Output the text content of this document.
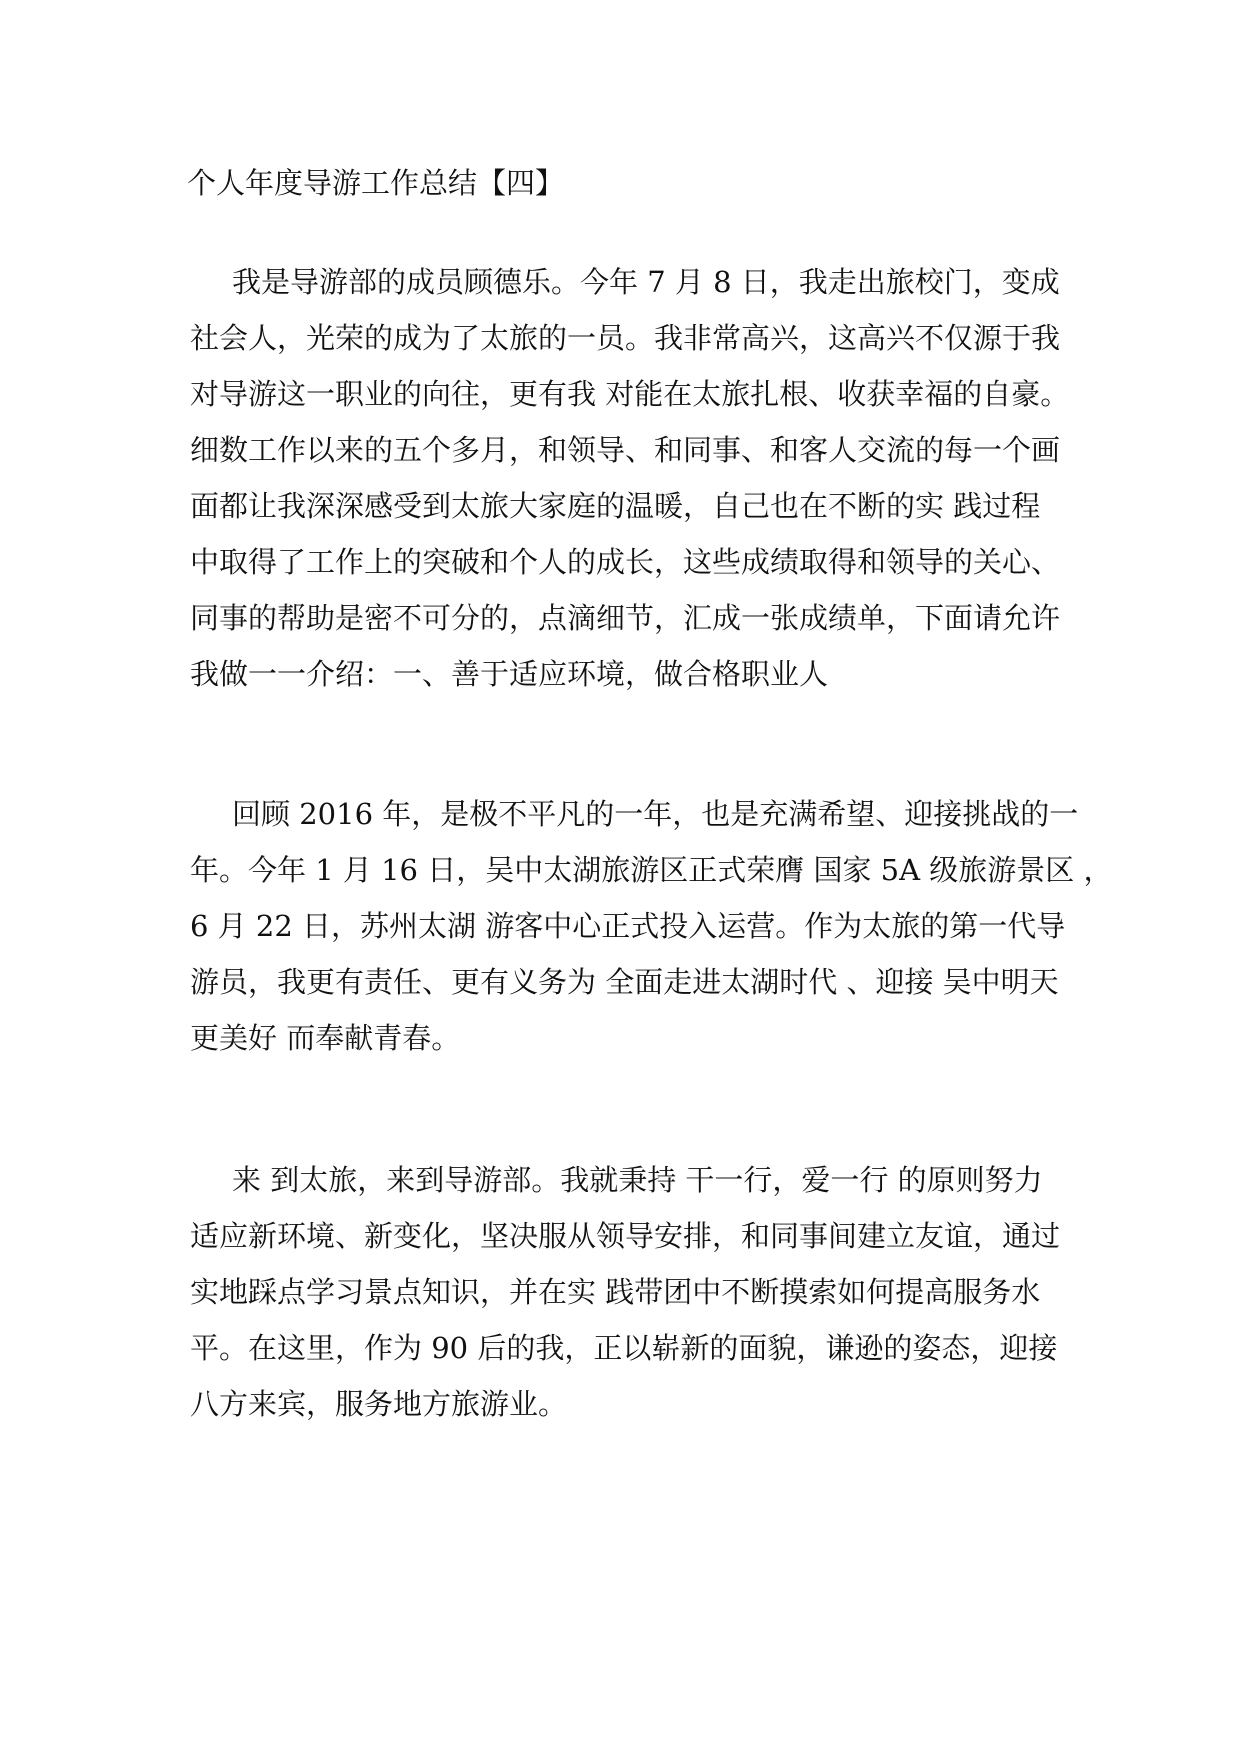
个人年度导游工作总结【四】
我是导游部的成员顾德乐。今年 7 月 8 日，我走出旅校门，变成
社会人，光荣的成为了太旅的一员。我非常高兴，这高兴不仅源于我
对导游这一职业的向往，更有我 对能在太旅扎根、收获幸福的自豪。
细数工作以来的五个多月，和领导、和同事、和客人交流的每一个画
面都让我深深感受到太旅大家庭的温暖，自己也在不断的实 践过程
中取得了工作上的突破和个人的成长，这些成绩取得和领导的关心、
同事的帮助是密不可分的，点滴细节，汇成一张成绩单，下面请允许
我做一一介绍：一、善于适应环境，做合格职业人
回顾 2016 年，是极不平凡的一年，也是充满希望、迎接挑战的一
年。今年 1 月 16 日，吴中太湖旅游区正式荣膺 国家 5A 级旅游景区 ，
6 月 22 日，苏州太湖 游客中心正式投入运营。作为太旅的第一代导
游员，我更有责任、更有义务为 全面走进太湖时代 、迎接 吴中明天
更美好 而奉献青春。
来 到太旅，来到导游部。我就秉持 干一行，爱一行 的原则努力
适应新环境、新变化，坚决服从领导安排，和同事间建立友谊，通过
实地踩点学习景点知识，并在实 践带团中不断摸索如何提高服务水
平。在这里，作为 90 后的我，正以崭新的面貌，谦逊的姿态，迎接
八方来宾，服务地方旅游业。
